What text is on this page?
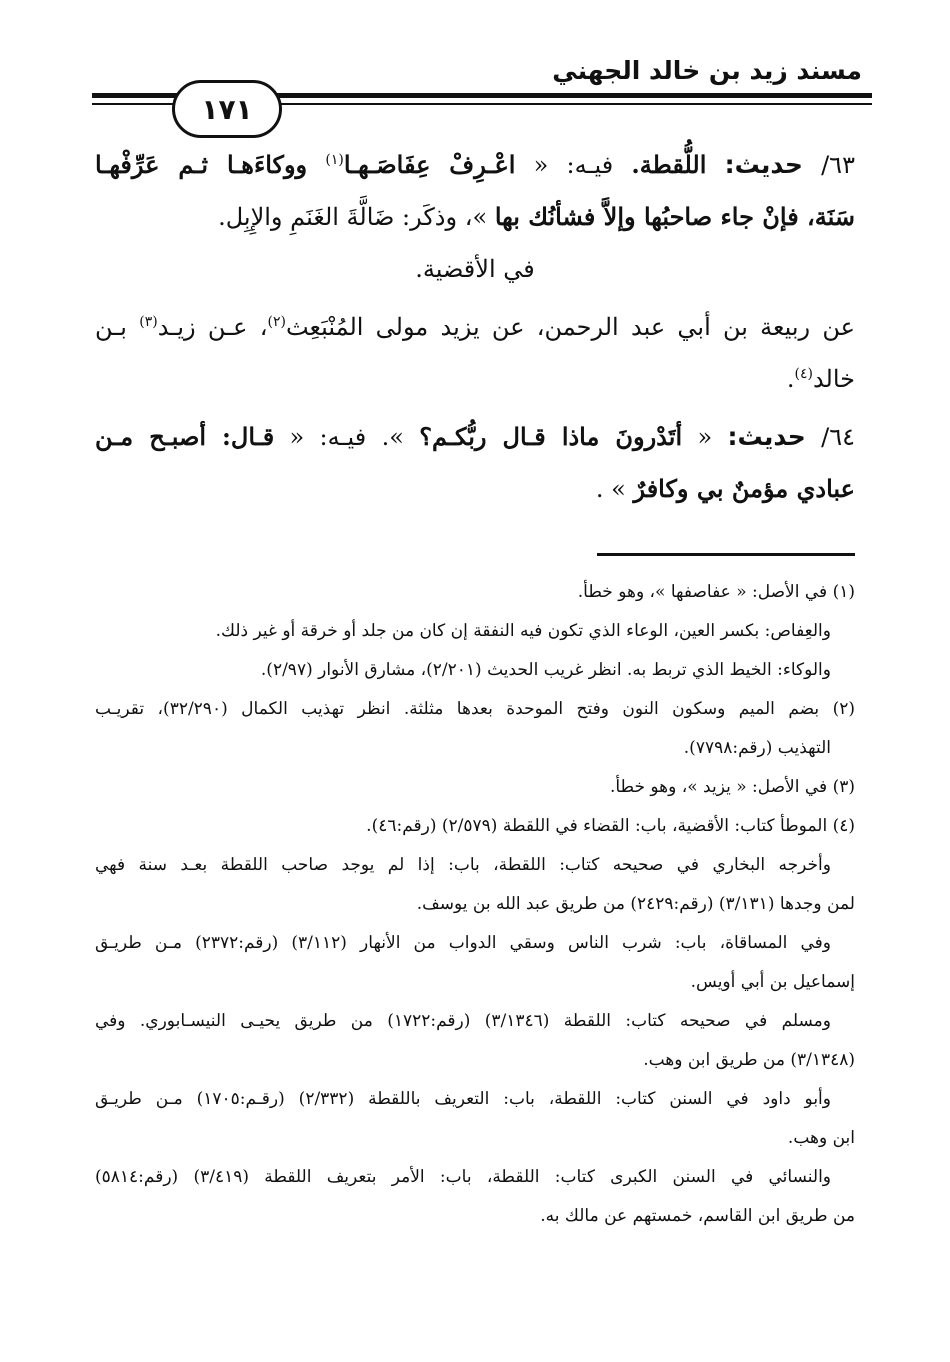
مسند زيد بن خالد الجهني
١٧١

٦٣/ حديث: اللُّقطة. فيـه: « اعْـرِفْ عِفَاصَـهـا$^{(١)}$ ووكاءَهـا ثـم عَرِّفْهـا

سَنَة، فإنْ جاء صاحبُها وإلاَّ فشأنُك بها »، وذكَر: ضَالَّةَ الغَنَمِ والإِبِل.

في الأقضية.

عن ربيعة بن أبي عبد الرحمن، عن يزيد مولى المُنْبَعِث$^{(٢)}$، عـن زيـد$^{(٣)}$ بـن

خالد$^{(٤)}$.

٦٤/ حديث: « أتَدْرونَ ماذا قـال ربُّكـم؟ ». فيـه: « قـال: أصبـح مـن

عبادي مؤمنٌ بي وكافرٌ » .

(١) في الأصل: « عفاصفها »، وهو خطأ.

والعِفاص: بكسر العين، الوعاء الذي تكون فيه النفقة إن كان من جلد أو خرقة أو غير ذلك.

والوكاء: الخيط الذي تربط به. انظر غريب الحديث (٢/٢٠١)، مشارق الأنوار (٢/٩٧).

(٢) بضم الميم وسكون النون وفتح الموحدة بعدها مثلثة. انظر تهذيب الكمال (٣٢/٢٩٠)، تقريـب

التهذيب (رقم:٧٧٩٨).

(٣) في الأصل: « يزيد »، وهو خطأ.

(٤) الموطأ كتاب: الأقضية، باب: القضاء في اللقطة (٢/٥٧٩) (رقم:٤٦).

وأخرجه البخاري في صحيحه كتاب: اللقطة، باب: إذا لم يوجد صاحب اللقطة بعـد سنة فهي

لمن وجدها (٣/١٣١) (رقم:٢٤٢٩) من طريق عبد الله بن يوسف.

وفي المساقاة، باب: شرب الناس وسقي الدواب من الأنهار (٣/١١٢) (رقم:٢٣٧٢) مـن طريـق

إسماعيل بن أبي أويس.

ومسلم في صحيحه كتاب: اللقطة (٣/١٣٤٦) (رقم:١٧٢٢) من طريق يحيـى النيسـابوري. وفي

(٣/١٣٤٨) من طريق ابن وهب.

وأبو داود في السنن كتاب: اللقطة، باب: التعريف باللقطة (٢/٣٣٢) (رقـم:١٧٠٥) مـن طريـق

ابن وهب.

والنسائي في السنن الكبرى كتاب: اللقطة، باب: الأمر بتعريف اللقطة (٣/٤١٩) (رقم:٥٨١٤)

من طريق ابن القاسم، خمستهم عن مالك به.
